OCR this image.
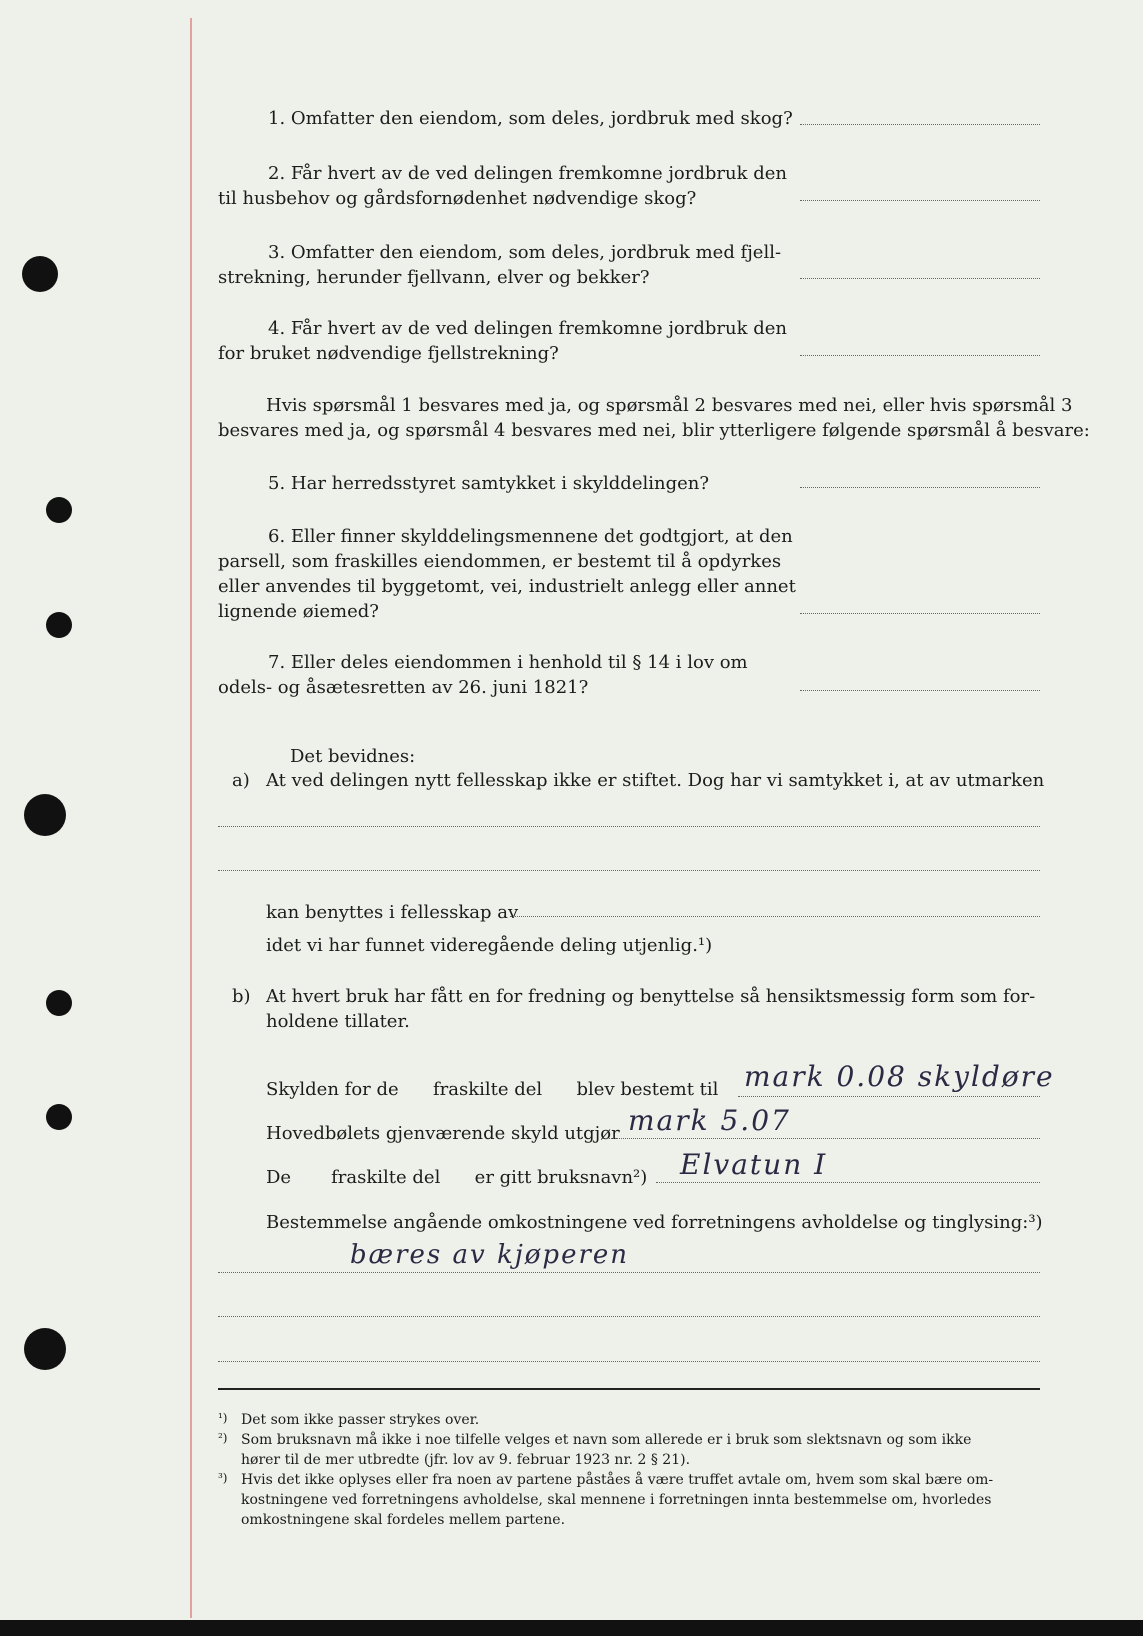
1. Omfatter den eiendom, som deles, jordbruk med skog?
2. Får hvert av de ved delingen fremkomne jordbruk den
til husbehov og gårdsfornødenhet nødvendige skog?
3. Omfatter den eiendom, som deles, jordbruk med fjell-
strekning, herunder fjellvann, elver og bekker?
4. Får hvert av de ved delingen fremkomne jordbruk den
for bruket nødvendige fjellstrekning?
Hvis spørsmål 1 besvares med ja, og spørsmål 2 besvares med nei, eller hvis spørsmål 3
besvares med ja, og spørsmål 4 besvares med nei, blir ytterligere følgende spørsmål å besvare:
5. Har herredsstyret samtykket i skylddelingen?
6. Eller finner skylddelingsmennene det godtgjort, at den
parsell, som fraskilles eiendommen, er bestemt til å opdyrkes
eller anvendes til byggetomt, vei, industrielt anlegg eller annet
lignende øiemed?
7. Eller deles eiendommen i henhold til § 14 i lov om
odels- og åsætesretten av 26. juni 1821?
Det bevidnes:
a) At ved delingen nytt fellesskap ikke er stiftet. Dog har vi samtykket i, at av utmarken
kan benyttes i fellesskap av
idet vi har funnet videregående deling utjenlig.¹)
b) At hvert bruk har fått en for fredning og benyttelse så hensiktsmessig form som for-
holdene tillater.
Skylden for de      fraskilte del      blev bestemt til mark 0.08 skyldøre
Hovedbølets gjenværende skyld utgjør mark 5.07
De       fraskilte del      er gitt bruksnavn²) Elvatun I
Bestemmelse angående omkostningene ved forretningens avholdelse og tinglysing:³)
bæres av kjøperen
¹) Det som ikke passer strykes over.
²) Som bruksnavn må ikke i noe tilfelle velges et navn som allerede er i bruk som slektsnavn og som ikke
hører til de mer utbredte (jfr. lov av 9. februar 1923 nr. 2 § 21).
³) Hvis det ikke oplyses eller fra noen av partene påståes å være truffet avtale om, hvem som skal bære om-
kostningene ved forretningens avholdelse, skal mennene i forretningen innta bestemmelse om, hvorledes
omkostningene skal fordeles mellem partene.
